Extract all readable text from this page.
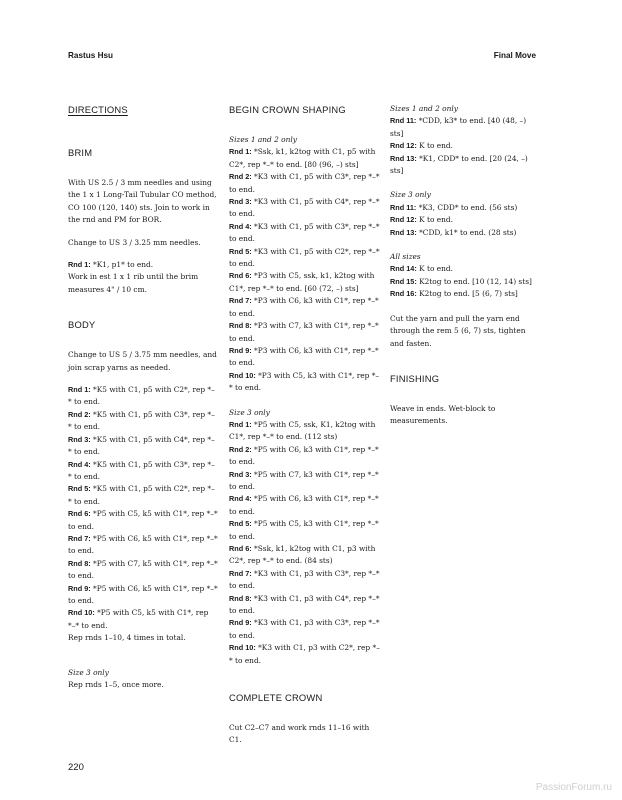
Rastus Hsu	Final Move
DIRECTIONS
BRIM

With US 2.5 / 3 mm needles and using the 1 x 1 Long-Tail Tubular CO method, CO 100 (120, 140) sts. Join to work in the rnd and PM for BOR.

Change to US 3 / 3.25 mm needles.

Rnd 1: *K1, p1* to end.

Work in est 1 x 1 rib until the brim measures 4" / 10 cm.

BODY

Change to US 5 / 3.75 mm needles, and join scrap yarns as needed.

Rnd 1: *K5 with C1, p5 with C2*, rep *–* to end.
Rnd 2: *K5 with C1, p5 with C3*, rep *–* to end.
Rnd 3: *K5 with C1, p5 with C4*, rep *–* to end.
Rnd 4: *K5 with C1, p5 with C3*, rep *–* to end.
Rnd 5: *K5 with C1, p5 with C2*, rep *–* to end.
Rnd 6: *P5 with C5, k5 with C1*, rep *–* to end.
Rnd 7: *P5 with C6, k5 with C1*, rep *–* to end.
Rnd 8: *P5 with C7, k5 with C1*, rep *–* to end.
Rnd 9: *P5 with C6, k5 with C1*, rep *–* to end.
Rnd 10: *P5 with C5, k5 with C1*, rep *–* to end.

Rep rnds 1–10, 4 times in total.

Size 3 only
Rep rnds 1–5, once more.
BEGIN CROWN SHAPING
Sizes 1 and 2 only
Rnd 1: *Ssk, k1, k2tog with C1, p5 with C2*, rep *–* to end. [80 (96, –) sts]
Rnd 2: *K3 with C1, p5 with C3*, rep *–* to end.
Rnd 3: *K3 with C1, p5 with C4*, rep *–* to end.
Rnd 4: *K3 with C1, p5 with C3*, rep *–* to end.
Rnd 5: *K3 with C1, p5 with C2*, rep *–* to end.
Rnd 6: *P3 with C5, ssk, k1, k2tog with C1*, rep *–* to end. [60 (72, –) sts]
Rnd 7: *P3 with C6, k3 with C1*, rep *–* to end.
Rnd 8: *P3 with C7, k3 with C1*, rep *–* to end.
Rnd 9: *P3 with C6, k3 with C1*, rep *–* to end.
Rnd 10: *P3 with C5, k3 with C1*, rep *–* to end.
Size 3 only
Rnd 1: *P5 with C5, ssk, K1, k2tog with C1*, rep *–* to end. (112 sts)
Rnd 2: *P5 with C6, k3 with C1*, rep *–* to end.
Rnd 3: *P5 with C7, k3 with C1*, rep *–* to end.
Rnd 4: *P5 with C6, k3 with C1*, rep *–* to end.
Rnd 5: *P5 with C5, k3 with C1*, rep *–* to end.
Rnd 6: *Ssk, k1, k2tog with C1, p3 with C2*, rep *–* to end. (84 sts)
Rnd 7: *K3 with C1, p3 with C3*, rep *–* to end.
Rnd 8: *K3 with C1, p3 with C4*, rep *–* to end.
Rnd 9: *K3 with C1, p3 with C3*, rep *–* to end.
Rnd 10: *K3 with C1, p3 with C2*, rep *–* to end.
COMPLETE CROWN
Cut C2–C7 and work rnds 11–16 with C1.
Sizes 1 and 2 only
Rnd 11: *CDD, k3* to end. [40 (48, –) sts]
Rnd 12: K to end.
Rnd 13: *K1, CDD* to end. [20 (24, –) sts]
Size 3 only
Rnd 11: *K3, CDD* to end. (56 sts)
Rnd 12: K to end.
Rnd 13: *CDD, k1* to end. (28 sts)
All sizes
Rnd 14: K to end.
Rnd 15: K2tog to end. [10 (12, 14) sts]
Rnd 16: K2tog to end. [5 (6, 7) sts]

Cut the yarn and pull the yarn end through the rem 5 (6, 7) sts, tighten and fasten.

FINISHING
Weave in ends. Wet-block to measurements.
220
PassionForum.ru
